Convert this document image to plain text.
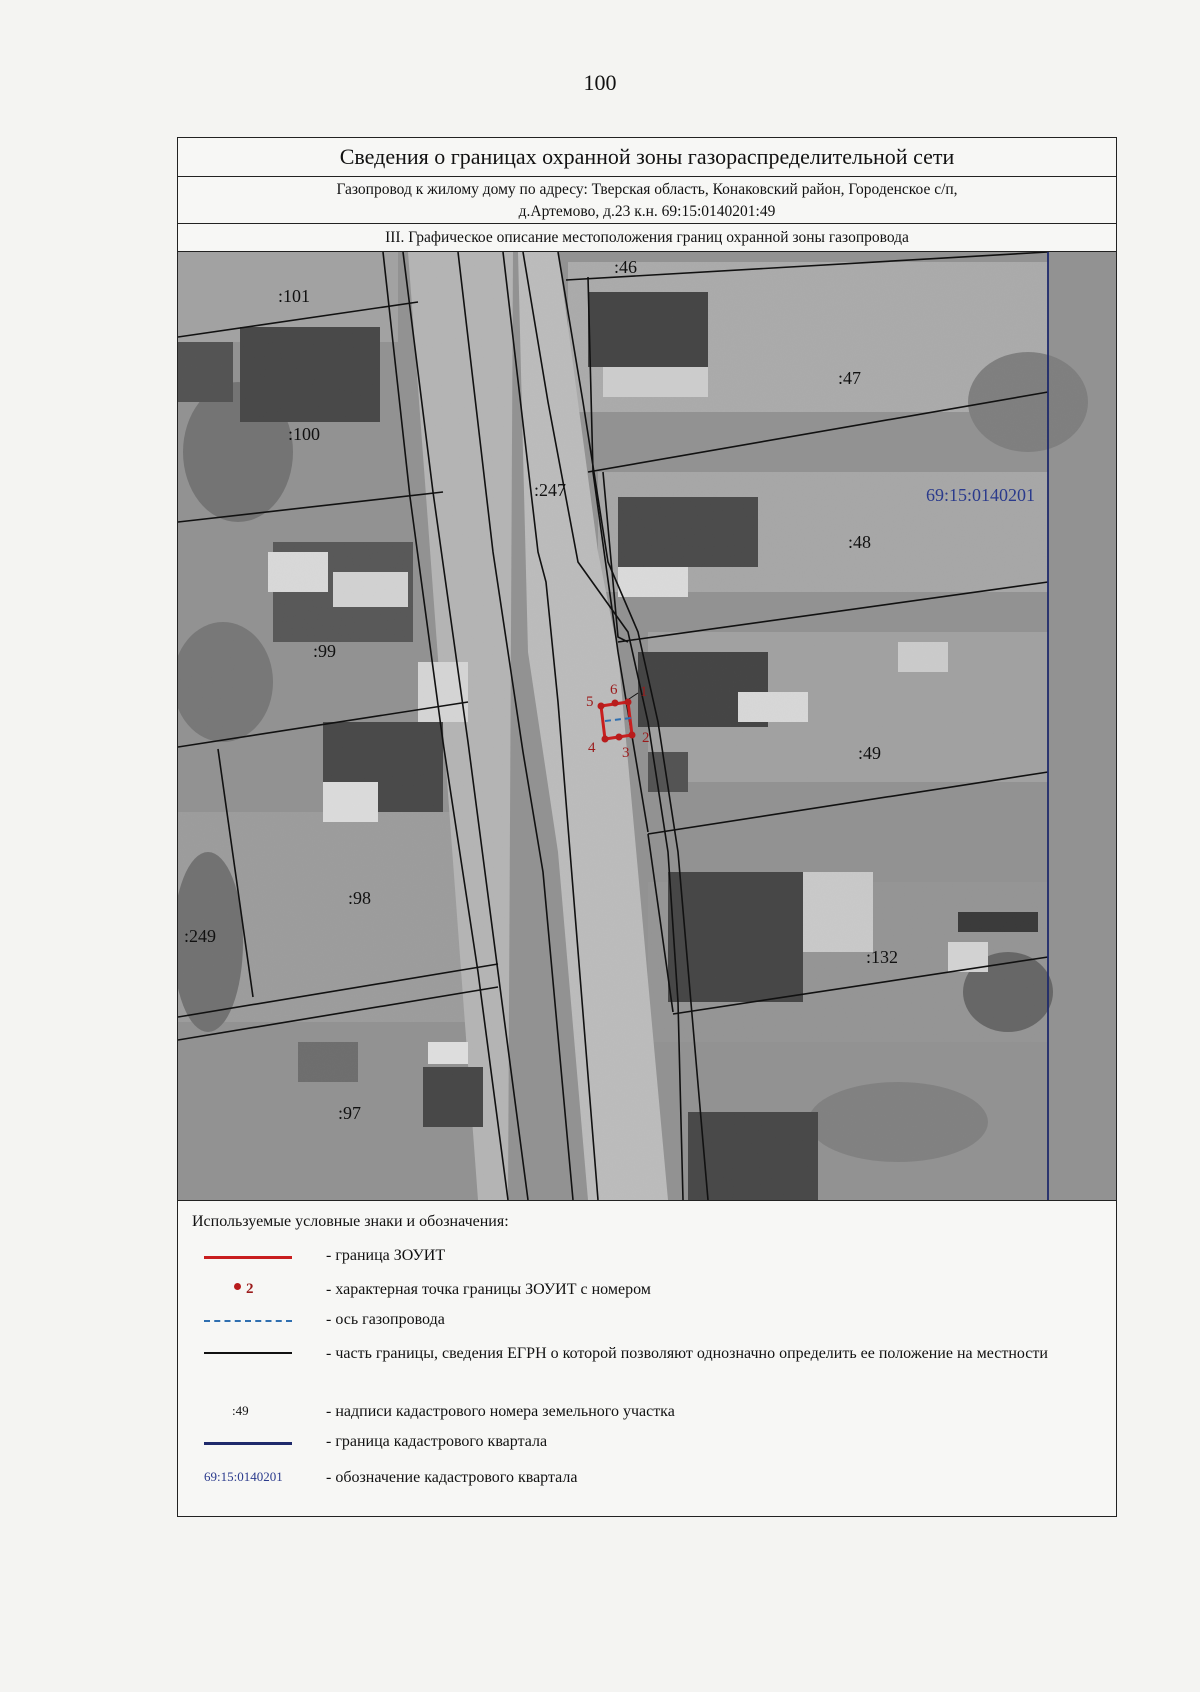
100
Сведения о границах охранной зоны газораспределительной сети
Газопровод к жилому дому по адресу: Тверская область, Конаковский район, Городенское с/п,
д.Артемово, д.23 к.н. 69:15:0140201:49
III. Графическое описание местоположения границ охранной зоны газопровода
:101
:100
:99
:98
:249
:97
:247
:46
:47
:48
:49
:132
69:15:0140201
1
2
3
4
5
6
Используемые условные знаки и обозначения:
- граница ЗОУИТ
2	- характерная точка границы ЗОУИТ с номером
- ось газопровода
- часть границы, сведения ЕГРН о которой позволяют однозначно определить ее положение на местности
:49	- надписи кадастрового номера земельного участка
- граница кадастрового квартала
69:15:0140201	- обозначение кадастрового квартала
